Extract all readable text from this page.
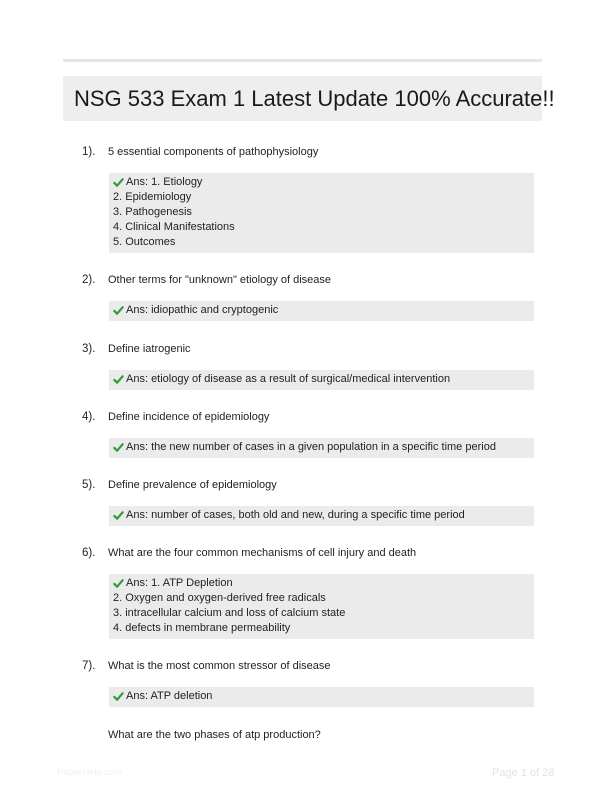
NSG 533 Exam 1 Latest Update 100% Accurate!!
1).	5 essential components of pathophysiology
Ans: 1. Etiology
2. Epidemiology
3. Pathogenesis
4. Clinical Manifestations
5. Outcomes
2).	Other terms for "unknown" etiology of disease
Ans: idiopathic and cryptogenic
3).	Define iatrogenic
Ans: etiology of disease as a result of surgical/medical intervention
4).	Define incidence of epidemiology
Ans: the new number of cases in a given population in a specific time period
5).	Define prevalence of epidemiology
Ans: number of cases, both old and new, during a specific time period
6).	What are the four common mechanisms of cell injury and death
Ans: 1. ATP Depletion
2. Oxygen and oxygen-derived free radicals
3. intracellular calcium and loss of calcium state
4. defects in membrane permeability
7).	What is the most common stressor of disease
Ans: ATP deletion
What are the two phases of atp production?
PaperHelp.com	Page 1 of 28
